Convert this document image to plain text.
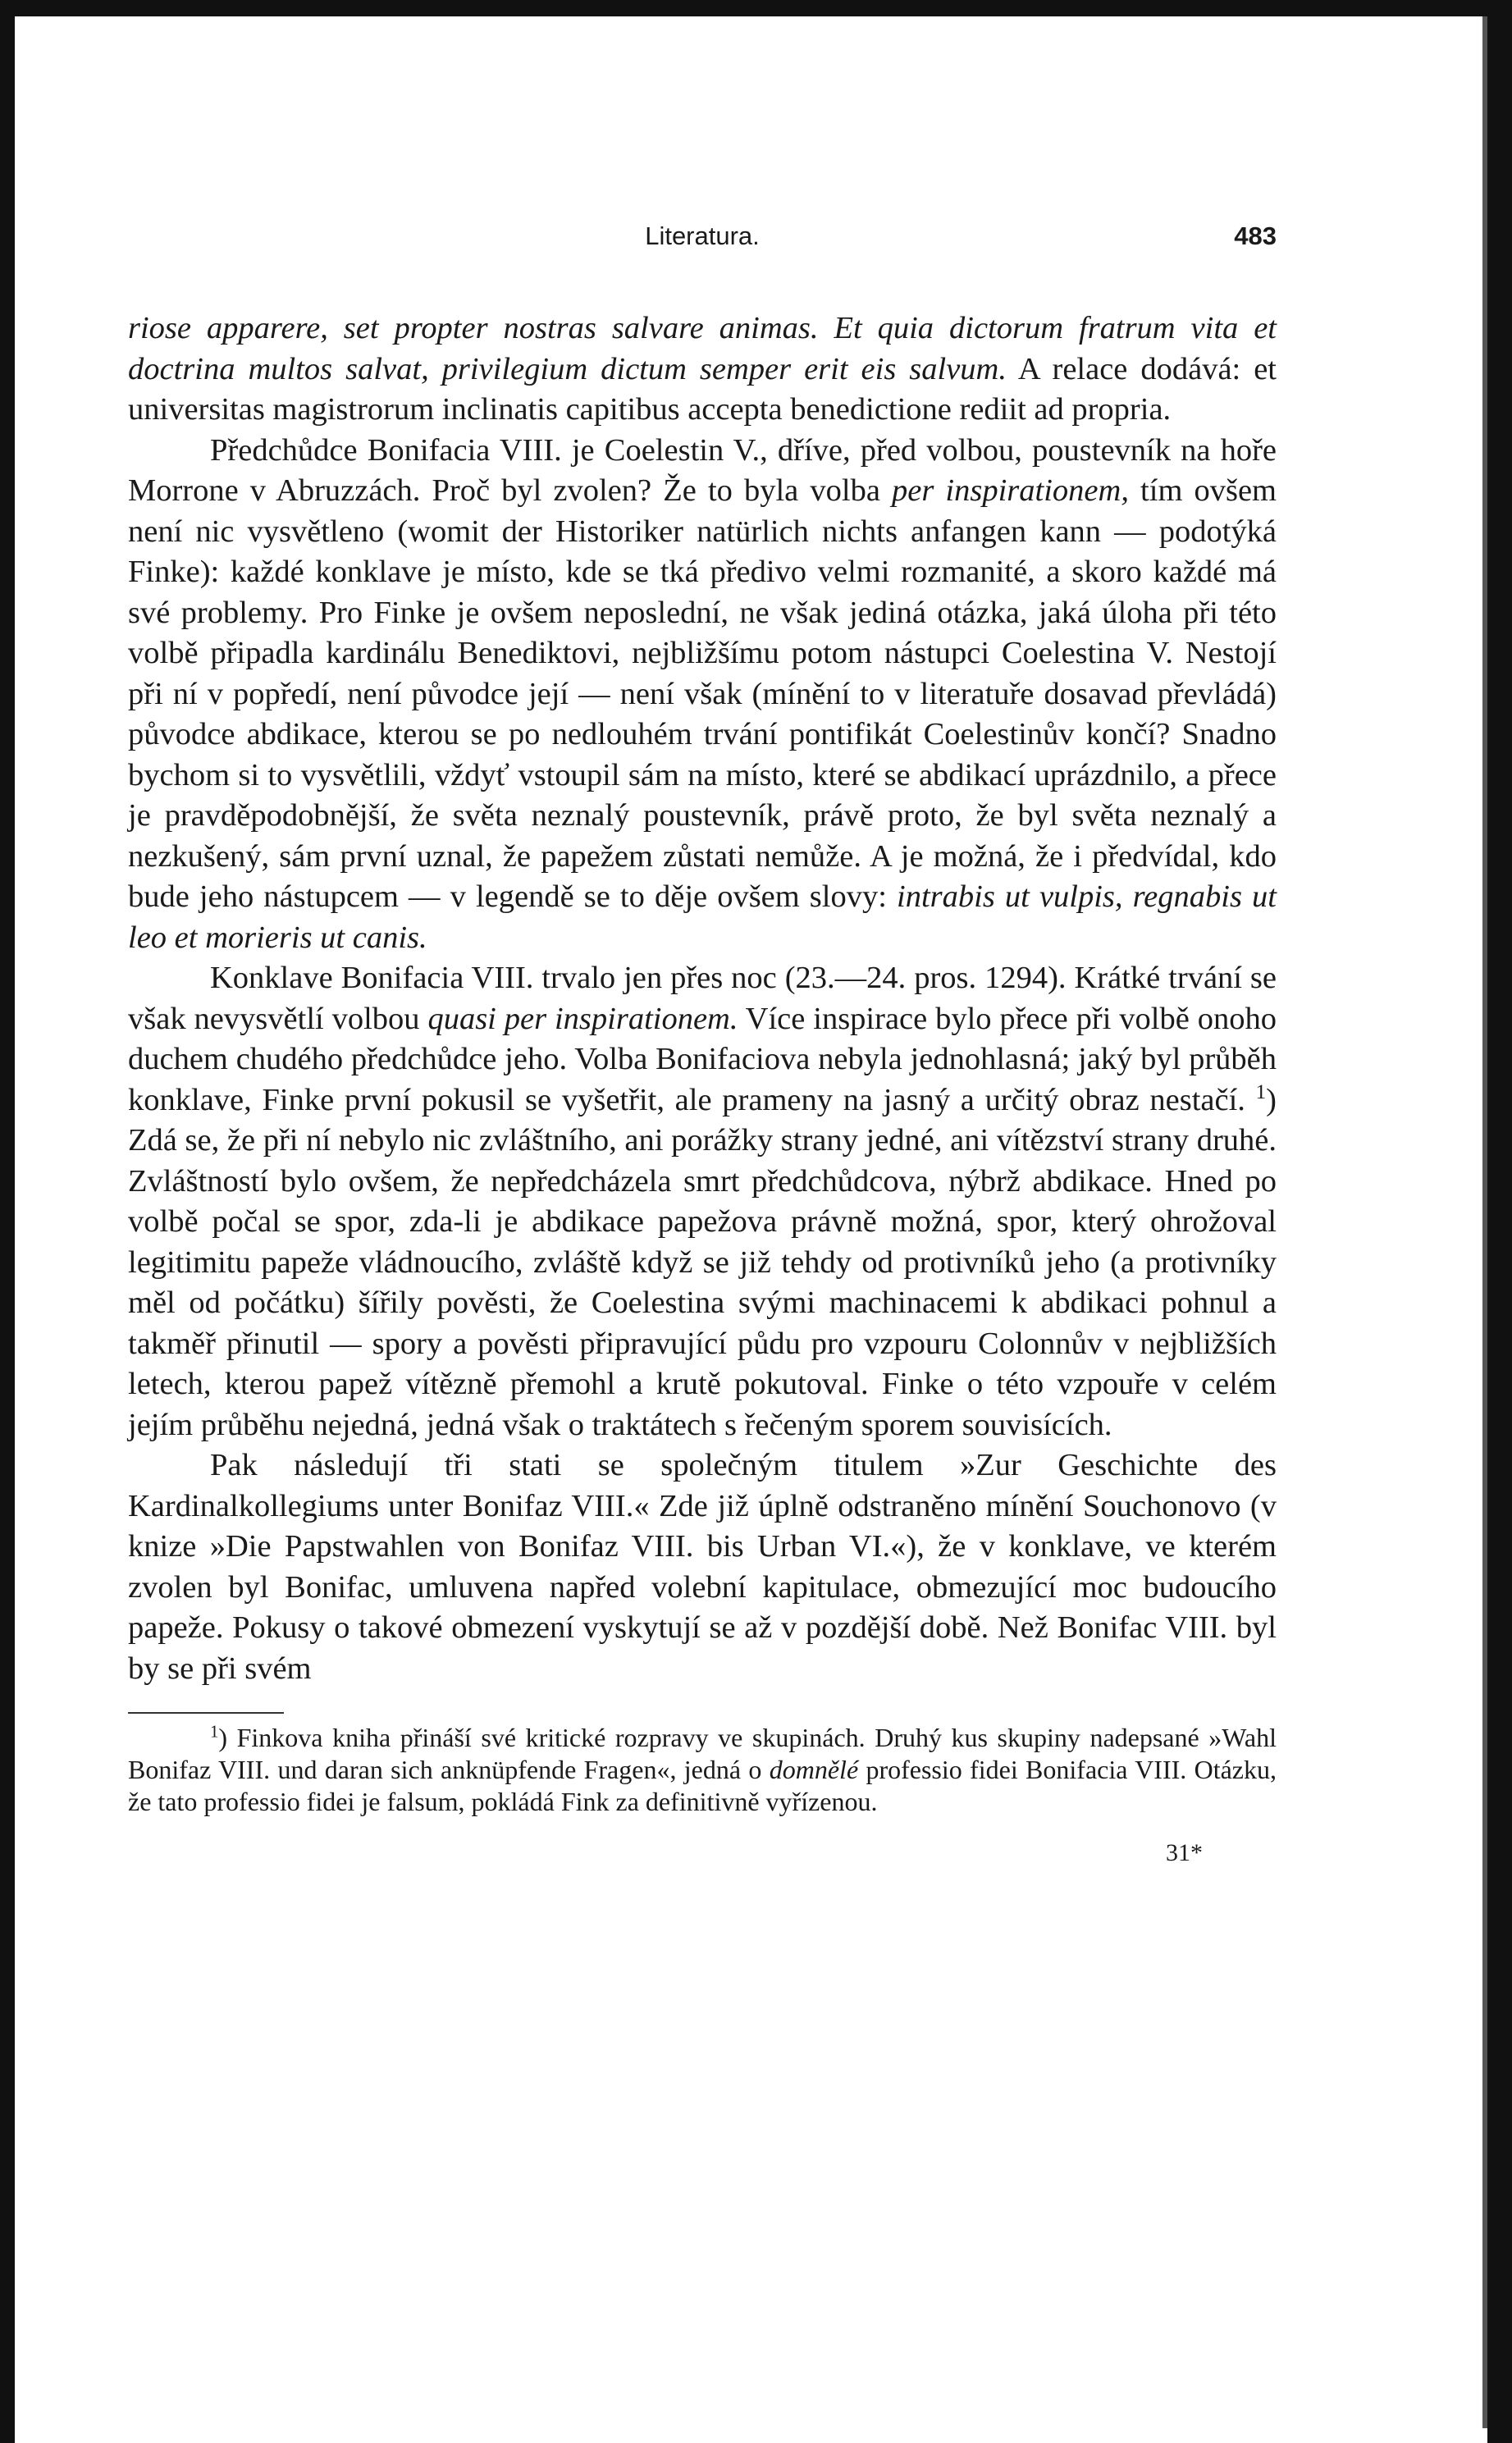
Literatura.	483

riose apparere, set propter nostras salvare animas. Et quia dictorum fratrum vita et doctrina multos salvat, privilegium dictum semper erit eis salvum. A relace dodává: et universitas magistrorum inclinatis capitibus accepta benedictione rediit ad propria.

Předchůdce Bonifacia VIII. je Coelestin V., dříve, před volbou, poustevník na hoře Morrone v Abruzzách. Proč byl zvolen? Že to byla volba per inspirationem, tím ovšem není nic vysvětleno (womit der Historiker natürlich nichts anfangen kann — podotýká Finke): každé konklave je místo, kde se tká předivo velmi rozmanité, a skoro každé má své problemy. Pro Finke je ovšem neposlední, ne však jediná otázka, jaká úloha při této volbě připadla kardinálu Benediktovi, nejbližšímu potom nástupci Coelestina V. Nestojí při ní v popředí, není původce její — není však (mínění to v literatuře dosavad převládá) původce abdikace, kterou se po nedlouhém trvání pontifikát Coelestinův končí? Snadno bychom si to vysvětlili, vždyť vstoupil sám na místo, které se abdikací uprázdnilo, a přece je pravděpodobnější, že světa neznalý poustevník, právě proto, že byl světa neznalý a nezkušený, sám první uznal, že papežem zůstati nemůže. A je možná, že i předvídal, kdo bude jeho nástupcem — v legendě se to děje ovšem slovy: intrabis ut vulpis, regnabis ut leo et morieris ut canis.

Konklave Bonifacia VIII. trvalo jen přes noc (23.—24. pros. 1294). Krátké trvání se však nevysvětlí volbou quasi per inspirationem. Více inspirace bylo přece při volbě onoho duchem chudého předchůdce jeho. Volba Bonifaciova nebyla jednohlasná; jaký byl průběh konklave, Finke první pokusil se vyšetřit, ale prameny na jasný a určitý obraz nestačí. $^1$) Zdá se, že při ní nebylo nic zvláštního, ani porážky strany jedné, ani vítězství strany druhé. Zvláštností bylo ovšem, že nepředcházela smrt předchůdcova, nýbrž abdikace. Hned po volbě počal se spor, zda-li je abdikace papežova právně možná, spor, který ohrožoval legitimitu papeže vládnoucího, zvláště když se již tehdy od protivníků jeho (a protivníky měl od počátku) šířily pověsti, že Coelestina svými machinacemi k abdikaci pohnul a takměř přinutil — spory a pověsti připravující půdu pro vzpouru Colonnův v nejbližších letech, kterou papež vítězně přemohl a krutě pokutoval. Finke o této vzpouře v celém jejím průběhu nejedná, jedná však o traktátech s řečeným sporem souvisících.

Pak následují tři stati se společným titulem »Zur Geschichte des Kardinalkollegiums unter Bonifaz VIII.« Zde již úplně odstraněno mínění Souchonovo (v knize »Die Papstwahlen von Bonifaz VIII. bis Urban VI.«), že v konklave, ve kterém zvolen byl Bonifac, umluvena napřed volební kapitulace, obmezující moc budoucího papeže. Pokusy o takové obmezení vyskytují se až v pozdější době. Než Bonifac VIII. byl by se při svém

$^1$) Finkova kniha přináší své kritické rozpravy ve skupinách. Druhý kus skupiny nadepsané »Wahl Bonifaz VIII. und daran sich anknüpfende Fragen«, jedná o domnělé professio fidei Bonifacia VIII. Otázku, že tato professio fidei je falsum, pokládá Fink za definitivně vyřízenou.
31*
